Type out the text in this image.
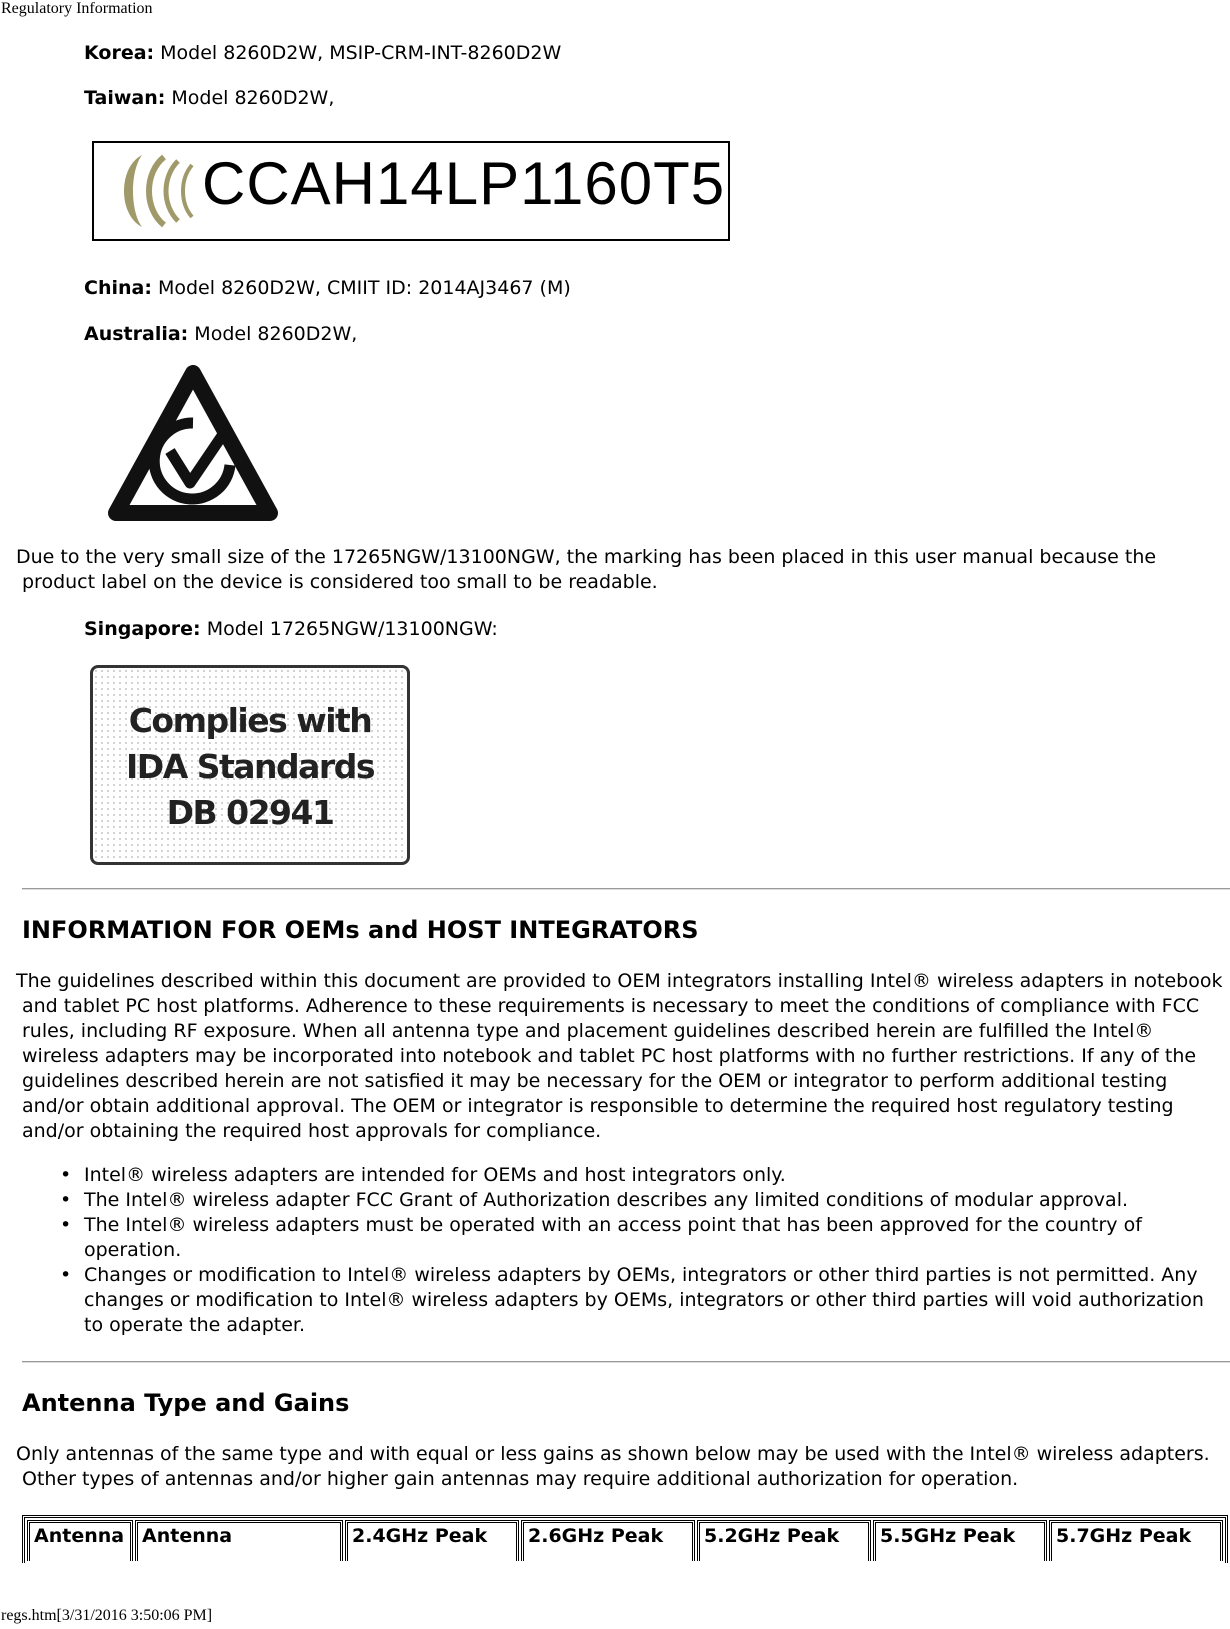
Regulatory Information

Korea: Model 8260D2W, MSIP-CRM-INT-8260D2W

Taiwan: Model 8260D2W,

CCAH14LP1160T5

China: Model 8260D2W, CMIIT ID: 2014AJ3467 (M)

Australia: Model 8260D2W,

Due to the very small size of the 17265NGW/13100NGW, the marking has been placed in this user manual because the product label on the device is considered too small to be readable.

Singapore: Model 17265NGW/13100NGW:

Complies with
IDA Standards
DB 02941
INFORMATION FOR OEMs and HOST INTEGRATORS

The guidelines described within this document are provided to OEM integrators installing Intel® wireless adapters in notebook and tablet PC host platforms. Adherence to these requirements is necessary to meet the conditions of compliance with FCC rules, including RF exposure. When all antenna type and placement guidelines described herein are fulfilled the Intel® wireless adapters may be incorporated into notebook and tablet PC host platforms with no further restrictions. If any of the guidelines described herein are not satisfied it may be necessary for the OEM or integrator to perform additional testing and/or obtain additional approval. The OEM or integrator is responsible to determine the required host regulatory testing and/or obtaining the required host approvals for compliance.

• Intel® wireless adapters are intended for OEMs and host integrators only.
• The Intel® wireless adapter FCC Grant of Authorization describes any limited conditions of modular approval.
• The Intel® wireless adapters must be operated with an access point that has been approved for the country of operation.
• Changes or modification to Intel® wireless adapters by OEMs, integrators or other third parties is not permitted. Any changes or modification to Intel® wireless adapters by OEMs, integrators or other third parties will void authorization to operate the adapter.
Antenna Type and Gains

Only antennas of the same type and with equal or less gains as shown below may be used with the Intel® wireless adapters. Other types of antennas and/or higher gain antennas may require additional authorization for operation.

Antenna	Antenna	2.4GHz Peak	2.6GHz Peak	5.2GHz Peak	5.5GHz Peak	5.7GHz Peak
regs.htm[3/31/2016 3:50:06 PM]
